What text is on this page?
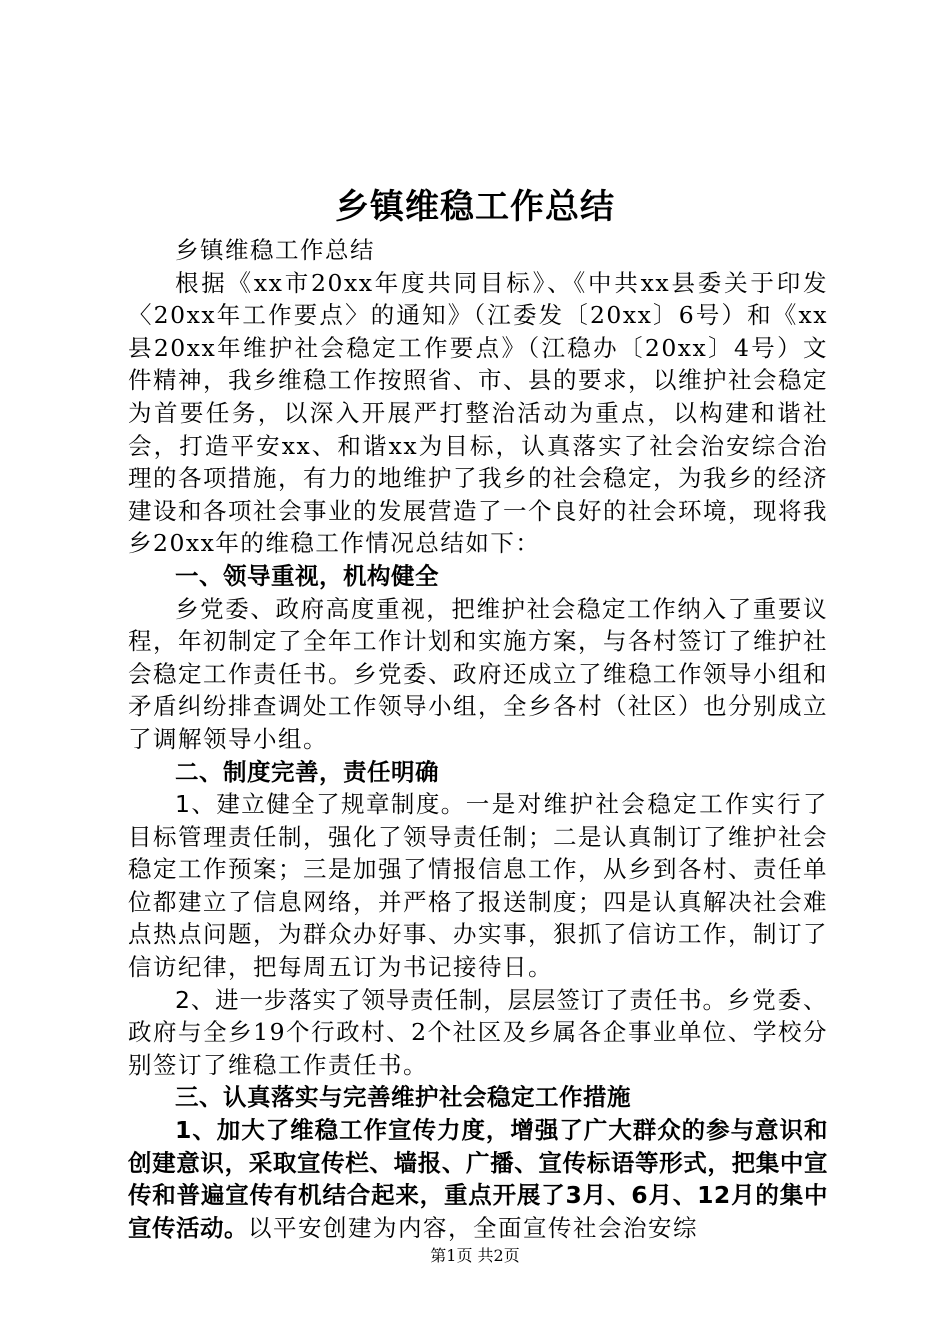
乡镇维稳工作总结

乡镇维稳工作总结

根据《xx市20xx年度共同目标》、《中共xx县委关于印发〈20xx年工作要点〉的通知》（江委发〔20xx〕6号）和《xx县20xx年维护社会稳定工作要点》（江稳办〔20xx〕4号）文件精神，我乡维稳工作按照省、市、县的要求，以维护社会稳定为首要任务，以深入开展严打整治活动为重点，以构建和谐社会，打造平安xx、和谐xx为目标，认真落实了社会治安综合治理的各项措施，有力的地维护了我乡的社会稳定，为我乡的经济建设和各项社会事业的发展营造了一个良好的社会环境，现将我乡20xx年的维稳工作情况总结如下：

一、领导重视，机构健全

乡党委、政府高度重视，把维护社会稳定工作纳入了重要议程，年初制定了全年工作计划和实施方案，与各村签订了维护社会稳定工作责任书。乡党委、政府还成立了维稳工作领导小组和矛盾纠纷排查调处工作领导小组，全乡各村（社区）也分别成立了调解领导小组。

二、制度完善，责任明确

1、建立健全了规章制度。一是对维护社会稳定工作实行了目标管理责任制，强化了领导责任制；二是认真制订了维护社会稳定工作预案；三是加强了情报信息工作，从乡到各村、责任单位都建立了信息网络，并严格了报送制度；四是认真解决社会难点热点问题，为群众办好事、办实事，狠抓了信访工作，制订了信访纪律，把每周五订为书记接待日。

2、进一步落实了领导责任制，层层签订了责任书。乡党委、政府与全乡19个行政村、2个社区及乡属各企事业单位、学校分别签订了维稳工作责任书。

三、认真落实与完善维护社会稳定工作措施

1、加大了维稳工作宣传力度，增强了广大群众的参与意识和创建意识，采取宣传栏、墙报、广播、宣传标语等形式，把集中宣传和普遍宣传有机结合起来，重点开展了3月、6月、12月的集中宣传活动。以平安创建为内容，全面宣传社会治安综

第1页 共2页
